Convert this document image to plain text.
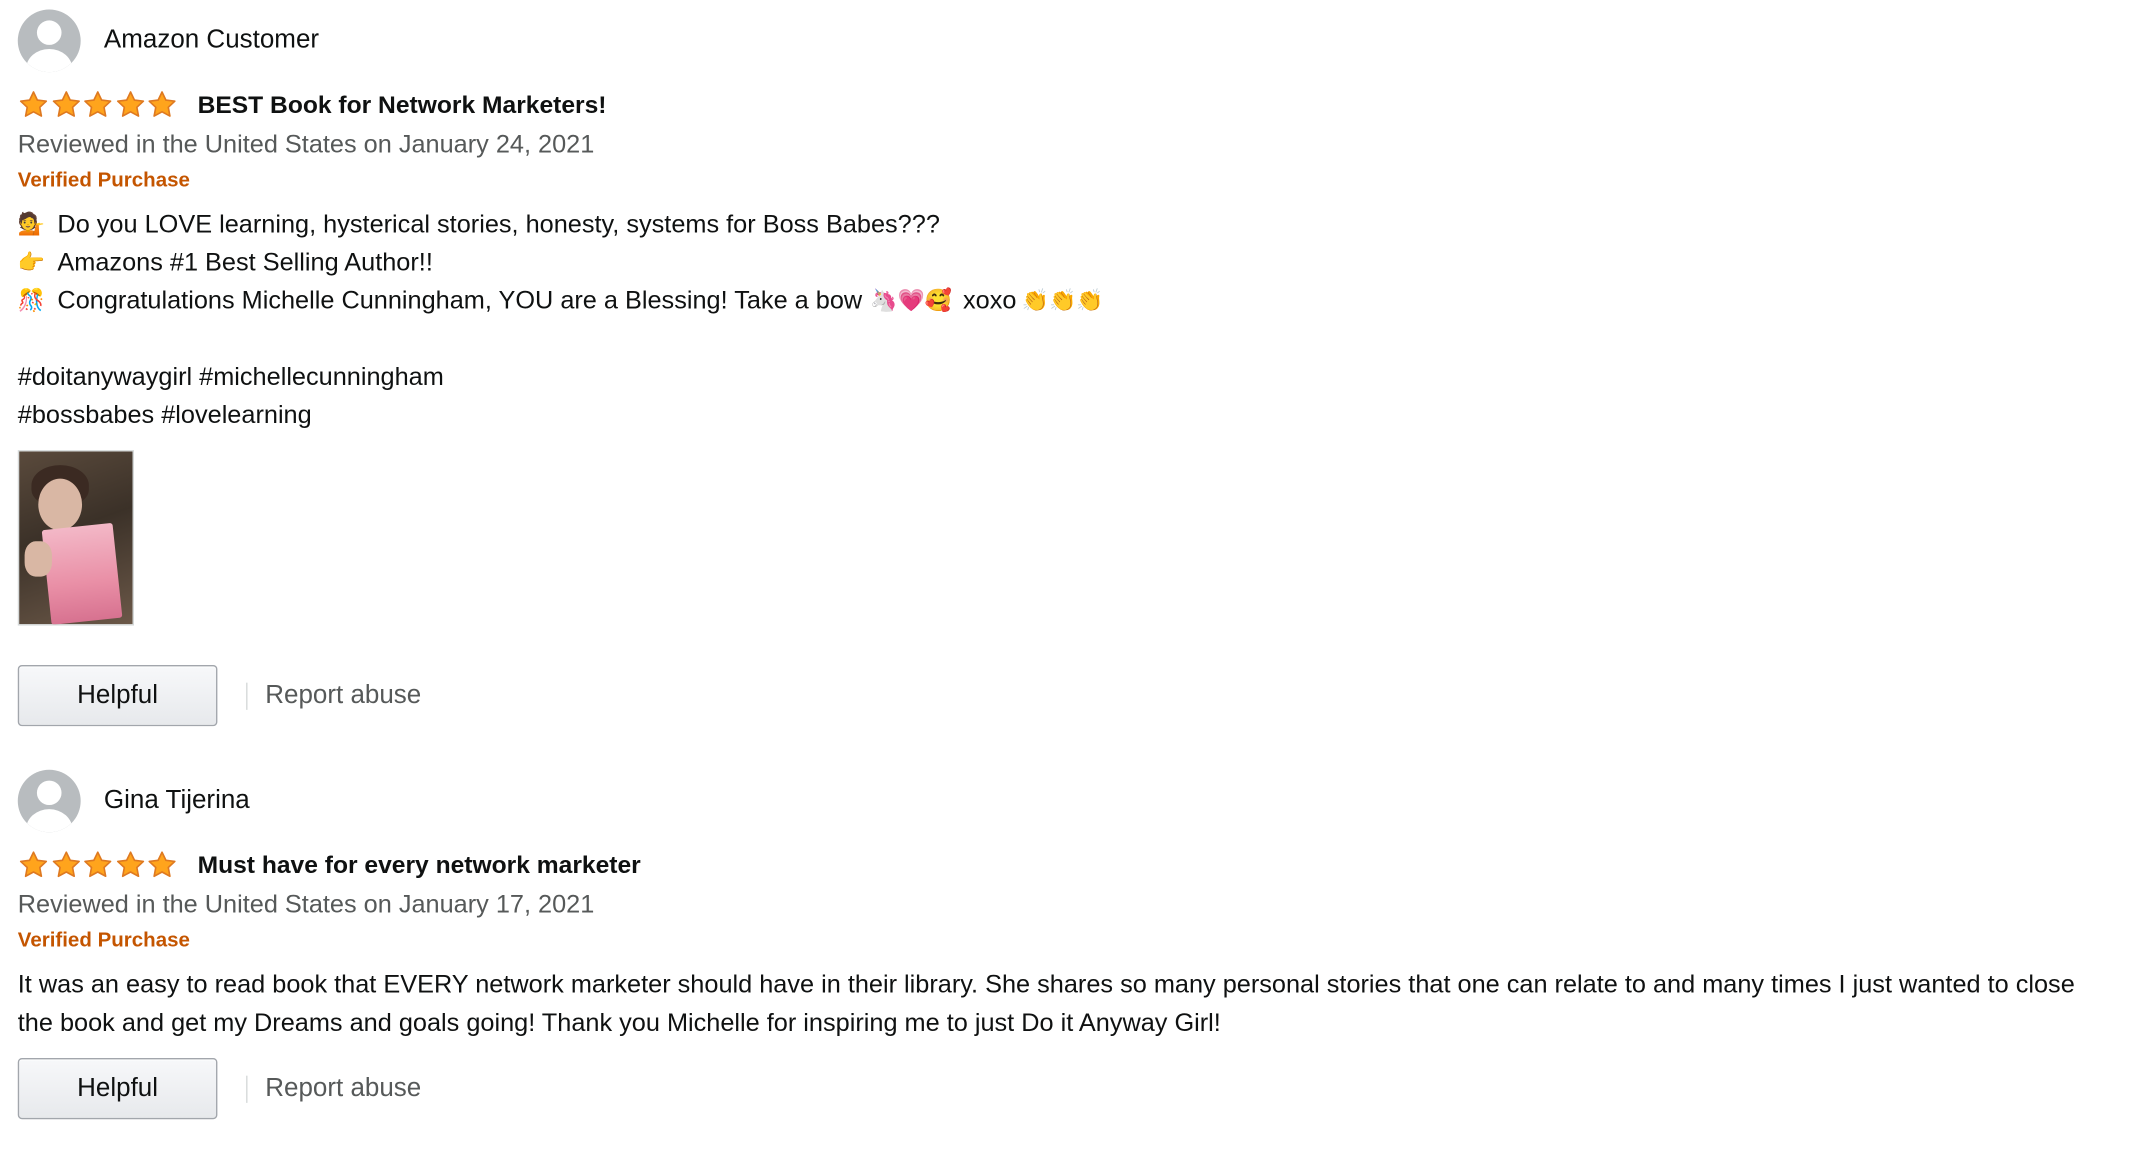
Amazon Customer
BEST Book for Network Marketers!
Reviewed in the United States on January 24, 2021
Verified Purchase
💁 Do you LOVE learning, hysterical stories, honesty, systems for Boss Babes???
👉 Amazons #1 Best Selling Author!!
🎊 Congratulations Michelle Cunningham, YOU are a Blessing! Take a bow 🦄💗🥰 xoxo 👏👏👏
#doitanywaygirl #michellecunningham
#bossbabes #lovelearning
Helpful	Report abuse
Gina Tijerina
Must have for every network marketer
Reviewed in the United States on January 17, 2021
Verified Purchase
It was an easy to read book that EVERY network marketer should have in their library. She shares so many personal stories that one can relate to and many times I just wanted to close the book and get my Dreams and goals going! Thank you Michelle for inspiring me to just Do it Anyway Girl!
Helpful	Report abuse
